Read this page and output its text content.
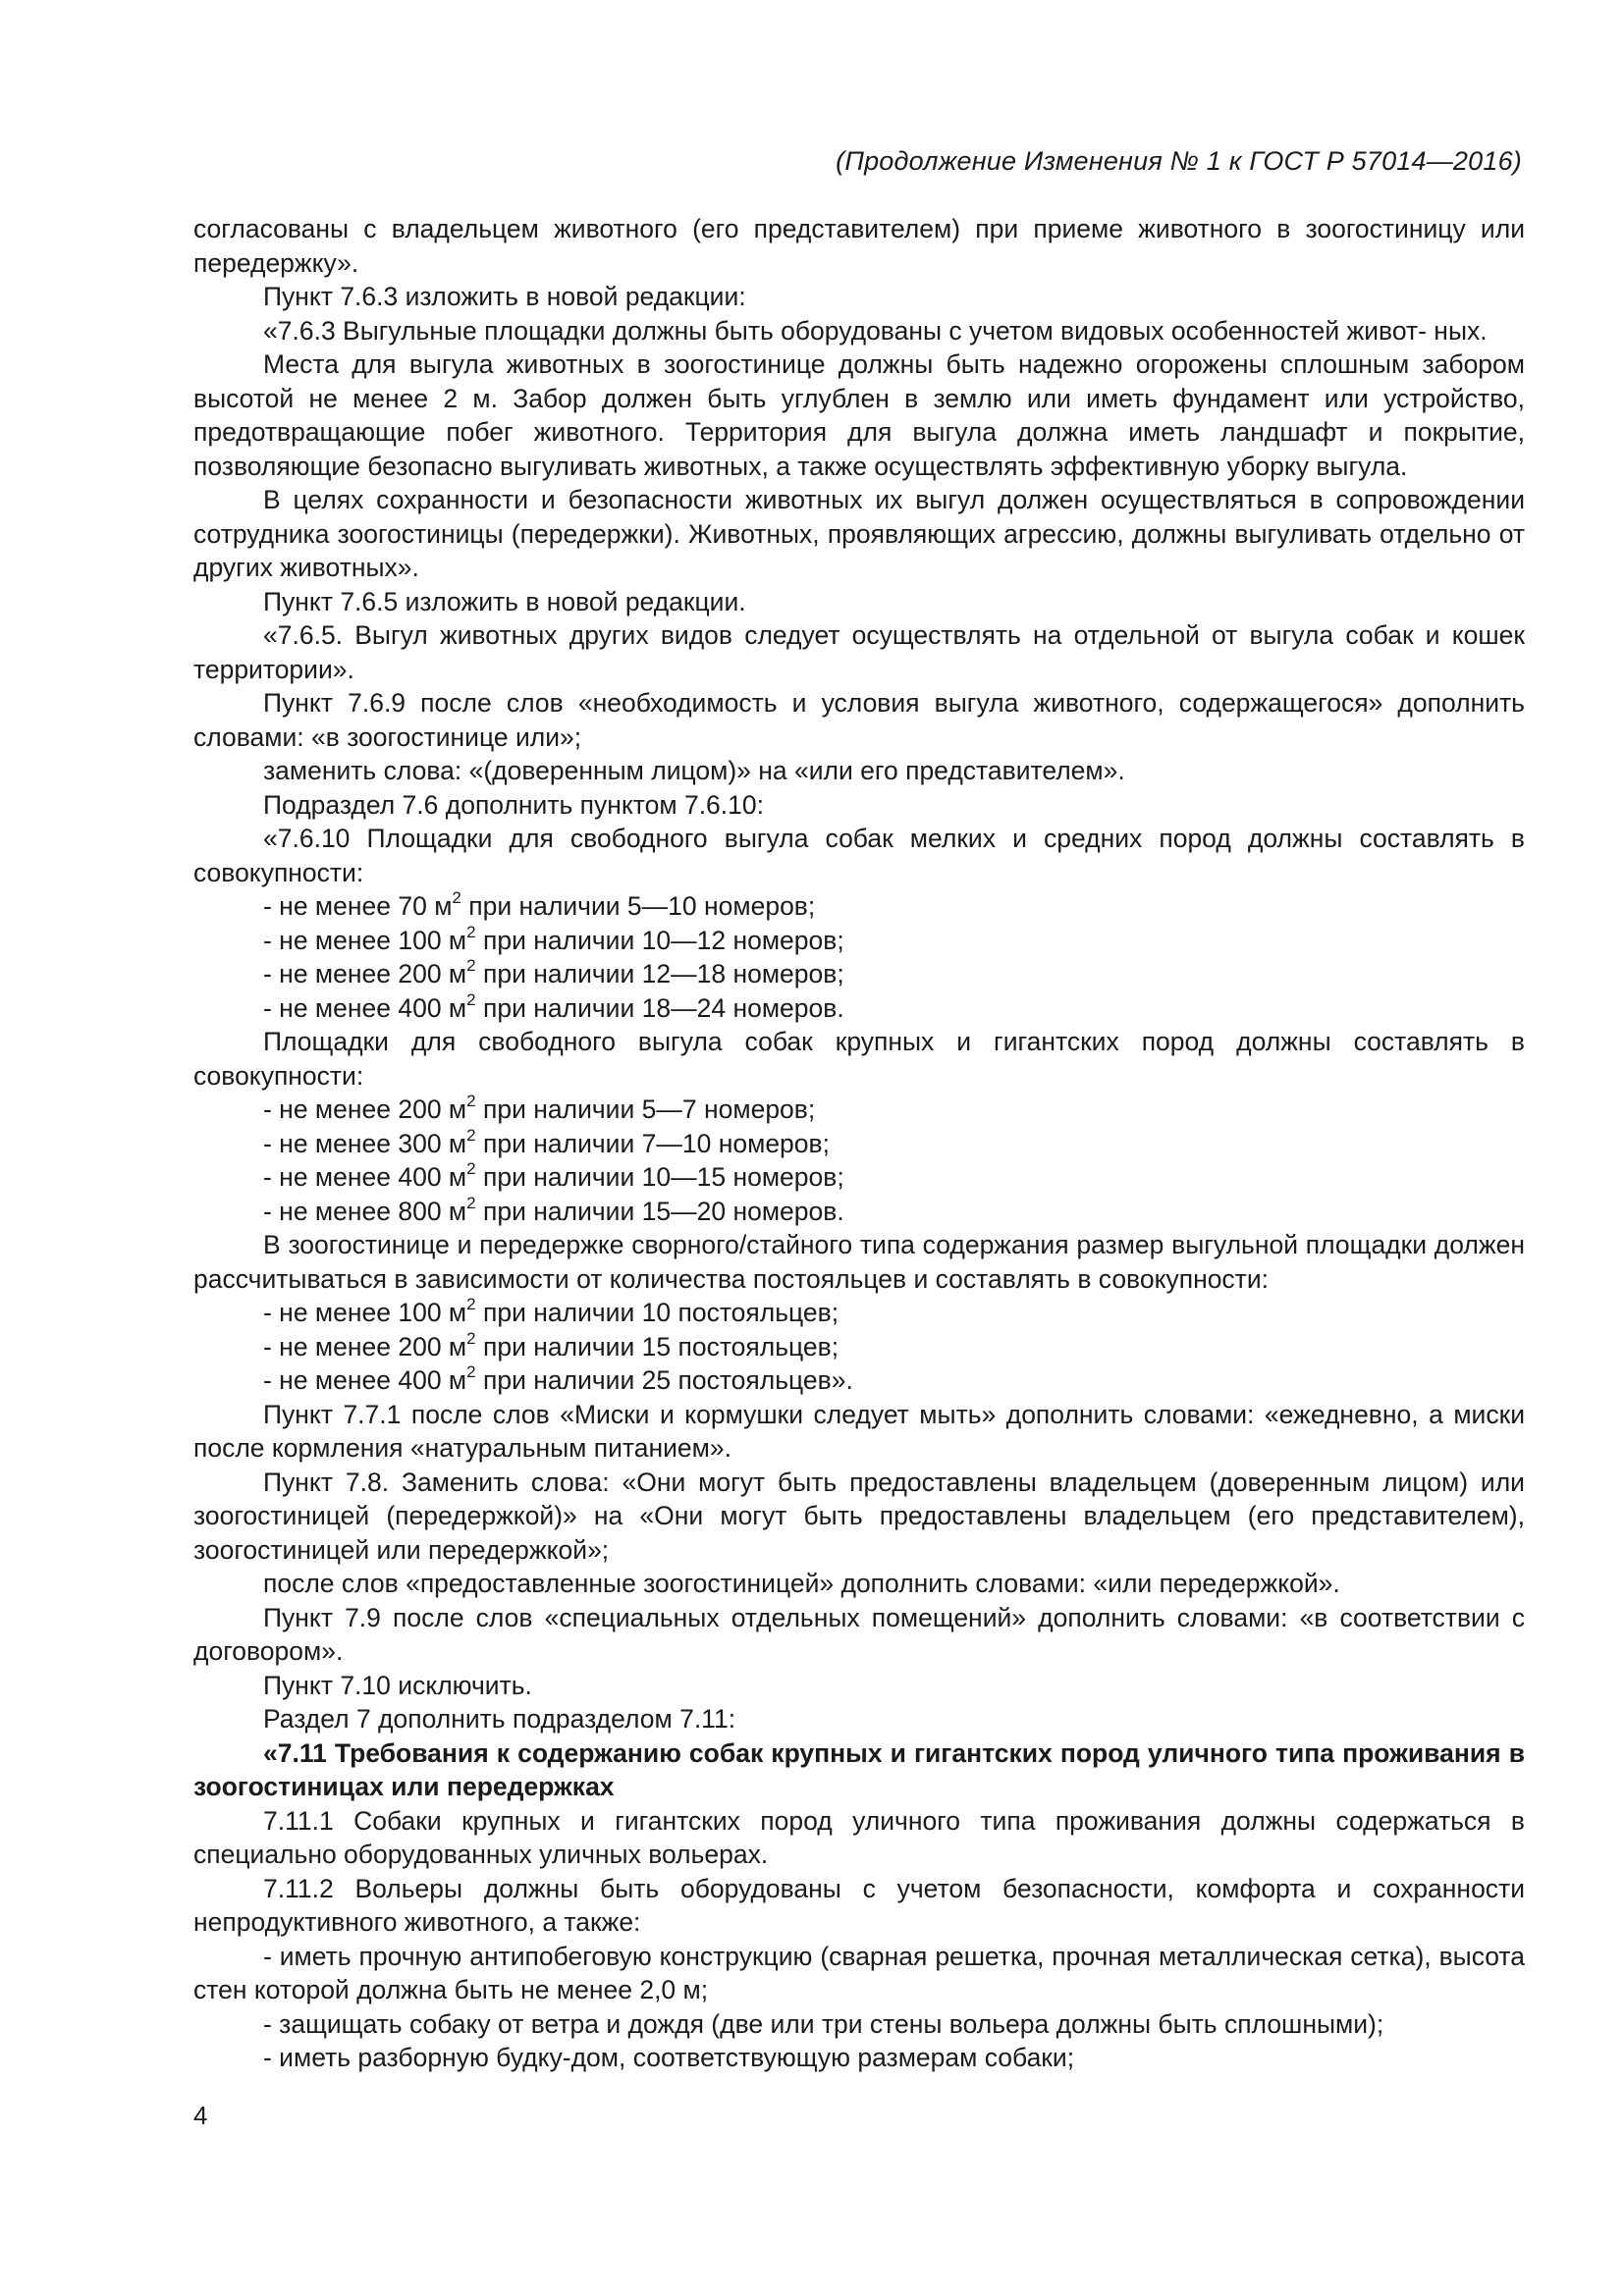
(Продолжение Изменения № 1 к ГОСТ Р 57014—2016)

согласованы с владельцем животного (его представителем) при приеме животного в зоогостиницу или передержку».

Пункт 7.6.3 изложить в новой редакции:

«7.6.3 Выгульные площадки должны быть оборудованы с учетом видовых особенностей живот- ных.

Места для выгула животных в зоогостинице должны быть надежно огорожены сплошным забором высотой не менее 2 м. Забор должен быть углублен в землю или иметь фундамент или устройство, предотвращающие побег животного. Территория для выгула должна иметь ландшафт и покрытие, позволяющие безопасно выгуливать животных, а также осуществлять эффективную уборку выгула.

В целях сохранности и безопасности животных их выгул должен осуществляться в сопровождении сотрудника зоогостиницы (передержки). Животных, проявляющих агрессию, должны выгуливать отдельно от других животных».

Пункт 7.6.5 изложить в новой редакции.

«7.6.5. Выгул животных других видов следует осуществлять на отдельной от выгула собак и кошек территории».

Пункт 7.6.9 после слов «необходимость и условия выгула животного, содержащегося» дополнить словами: «в зоогостинице или»;

заменить слова: «(доверенным лицом)» на «или его представителем».

Подраздел 7.6 дополнить пунктом 7.6.10:

«7.6.10 Площадки для свободного выгула собак мелких и средних пород должны составлять в совокупности:

- не менее 70 $м^2$ при наличии 5—10 номеров;

- не менее 100 $м^2$ при наличии 10—12 номеров;

- не менее 200 $м^2$ при наличии 12—18 номеров;

- не менее 400 $м^2$ при наличии 18—24 номеров.

Площадки для свободного выгула собак крупных и гигантских пород должны составлять в совокупности:

- не менее 200 $м^2$ при наличии 5—7 номеров;

- не менее 300 $м^2$ при наличии 7—10 номеров;

- не менее 400 $м^2$ при наличии 10—15 номеров;

- не менее 800 $м^2$ при наличии 15—20 номеров.

В зоогостинице и передержке сворного/стайного типа содержания размер выгульной площадки должен рассчитываться в зависимости от количества постояльцев и составлять в совокупности:

- не менее 100 $м^2$ при наличии 10 постояльцев;

- не менее 200 $м^2$ при наличии 15 постояльцев;

- не менее 400 $м^2$ при наличии 25 постояльцев».

Пункт 7.7.1 после слов «Миски и кормушки следует мыть» дополнить словами: «ежедневно, а миски после кормления «натуральным питанием».

Пункт 7.8. Заменить слова: «Они могут быть предоставлены владельцем (доверенным лицом) или зоогостиницей (передержкой)» на «Они могут быть предоставлены владельцем (его представителем), зоогостиницей или передержкой»;

после слов «предоставленные зоогостиницей» дополнить словами: «или передержкой».

Пункт 7.9 после слов «специальных отдельных помещений» дополнить словами: «в соответствии с договором».

Пункт 7.10 исключить.

Раздел 7 дополнить подразделом 7.11:

«7.11 Требования к содержанию собак крупных и гигантских пород уличного типа проживания в зоогостиницах или передержках

7.11.1 Собаки крупных и гигантских пород уличного типа проживания должны содержаться в специально оборудованных уличных вольерах.

7.11.2 Вольеры должны быть оборудованы с учетом безопасности, комфорта и сохранности непродуктивного животного, а также:

- иметь прочную антипобеговую конструкцию (сварная решетка, прочная металлическая сетка), высота стен которой должна быть не менее 2,0 м;

- защищать собаку от ветра и дождя (две или три стены вольера должны быть сплошными);

- иметь разборную будку-дом, соответствующую размерам собаки;

4
